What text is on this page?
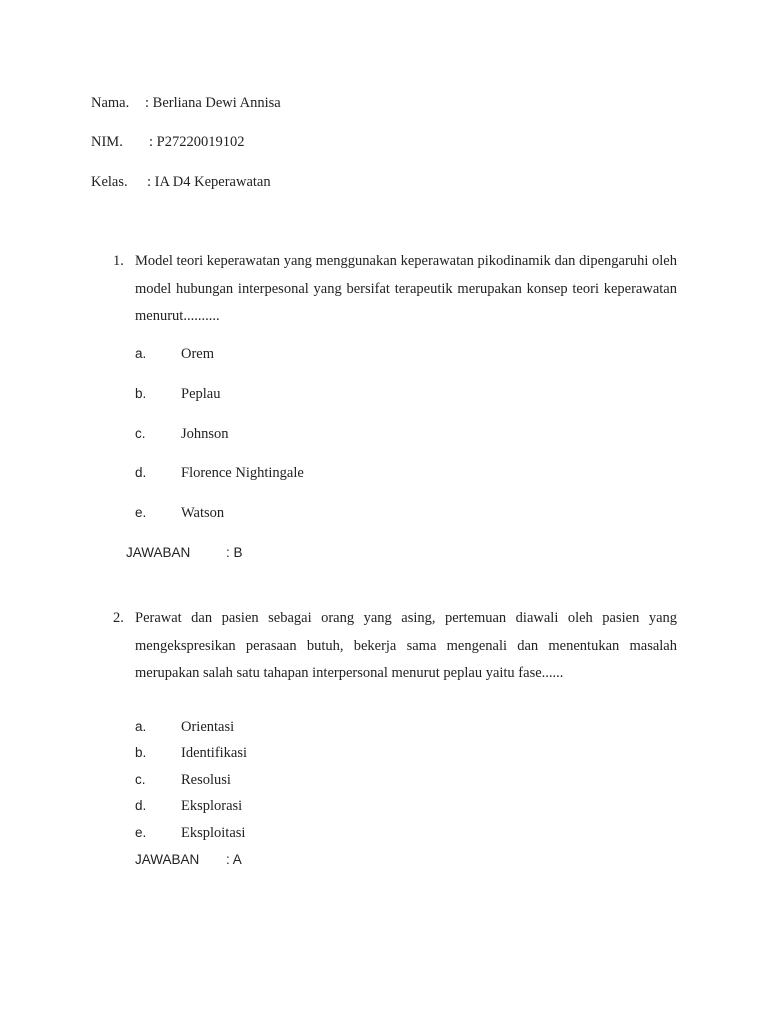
Nama. : Berliana Dewi Annisa
NIM. : P27220019102
Kelas. : IA D4 Keperawatan
1. Model teori keperawatan yang menggunakan keperawatan pikodinamik dan dipengaruhi oleh model hubungan interpesonal yang bersifat terapeutik merupakan konsep teori keperawatan menurut..........
a. Orem
b. Peplau
c. Johnson
d. Florence Nightingale
e. Watson
JAWABAN	: B
2. Perawat dan pasien sebagai orang yang asing, pertemuan diawali oleh pasien yang mengekspresikan perasaan butuh, bekerja sama mengenali dan menentukan masalah merupakan salah satu tahapan interpersonal menurut peplau yaitu fase......
a. Orientasi
b. Identifikasi
c. Resolusi
d. Eksplorasi
e. Eksploitasi
JAWABAN : A
